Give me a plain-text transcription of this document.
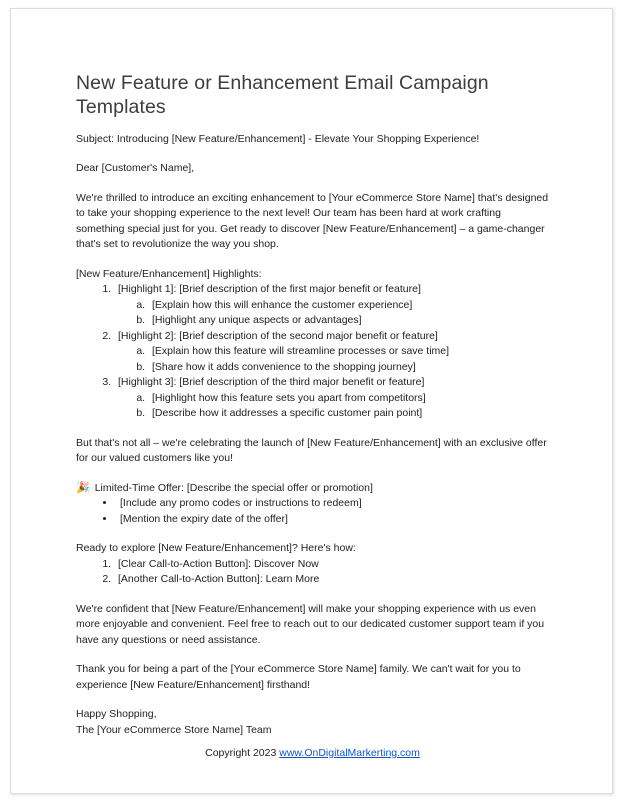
New Feature or Enhancement Email Campaign Templates

Subject: Introducing [New Feature/Enhancement] - Elevate Your Shopping Experience!

Dear [Customer's Name],

We're thrilled to introduce an exciting enhancement to [Your eCommerce Store Name] that's designed to take your shopping experience to the next level! Our team has been hard at work crafting something special just for you. Get ready to discover [New Feature/Enhancement] – a game-changer that's set to revolutionize the way you shop.

[New Feature/Enhancement] Highlights:

1. [Highlight 1]: [Brief description of the first major benefit or feature]
a. [Explain how this will enhance the customer experience]
b. [Highlight any unique aspects or advantages]
2. [Highlight 2]: [Brief description of the second major benefit or feature]
a. [Explain how this feature will streamline processes or save time]
b. [Share how it adds convenience to the shopping journey]
3. [Highlight 3]: [Brief description of the third major benefit or feature]
a. [Highlight how this feature sets you apart from competitors]
b. [Describe how it addresses a specific customer pain point]

But that's not all – we're celebrating the launch of [New Feature/Enhancement] with an exclusive offer for our valued customers like you!

🎉 Limited-Time Offer: [Describe the special offer or promotion]
• [Include any promo codes or instructions to redeem]
• [Mention the expiry date of the offer]

Ready to explore [New Feature/Enhancement]? Here's how:

1. [Clear Call-to-Action Button]: Discover Now
2. [Another Call-to-Action Button]: Learn More

We're confident that [New Feature/Enhancement] will make your shopping experience with us even more enjoyable and convenient. Feel free to reach out to our dedicated customer support team if you have any questions or need assistance.

Thank you for being a part of the [Your eCommerce Store Name] family. We can't wait for you to experience [New Feature/Enhancement] firsthand!

Happy Shopping,

The [Your eCommerce Store Name] Team

Copyright 2023 www.OnDigitalMarkerting.com
